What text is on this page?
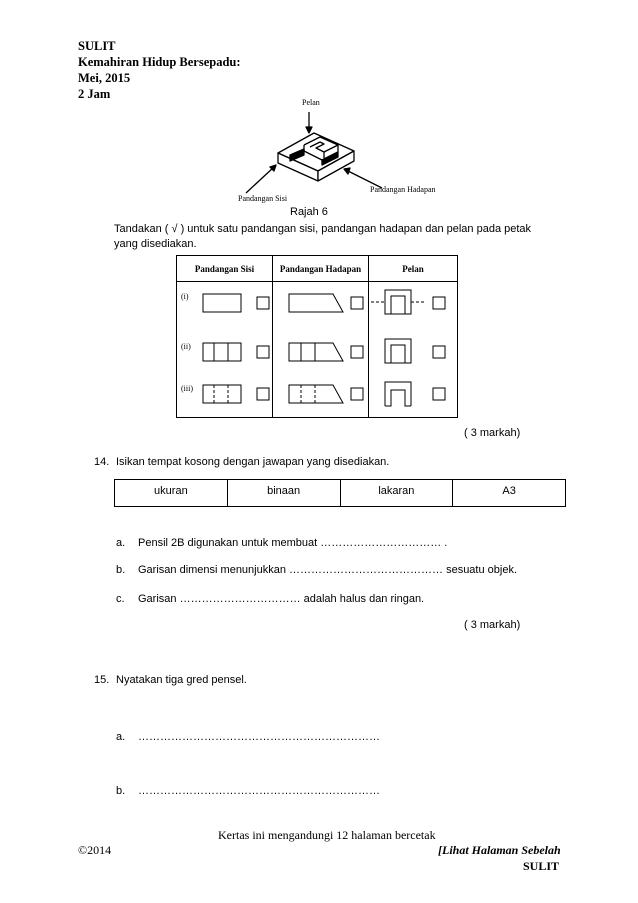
SULIT
Kemahiran Hidup Bersepadu:
Mei, 2015
2 Jam
Pelan
Pandangan Sisi
Pandangan Hadapan
Rajah 6
Tandakan ( √ ) untuk satu pandangan sisi, pandangan hadapan dan pelan pada petak
yang disediakan.
Pandangan Sisi	Pandangan Hadapan	Pelan

(i)
(ii)
(iii)

( 3 markah)
14. Isikan tempat kosong dengan jawapan yang disediakan.
ukuran	binaan	lakaran	A3
a. Pensil 2B digunakan untuk membuat …………………………… .
b. Garisan dimensi menunjukkan …………………………………… sesuatu objek.
c. Garisan …………………………… adalah halus dan ringan.
( 3 markah)
15. Nyatakan tiga gred pensel.
a. …………………………………………………………
b. …………………………………………………………
Kertas ini mengandungi 12 halaman bercetak
©2014	[Lihat Halaman Sebelah
SULIT
